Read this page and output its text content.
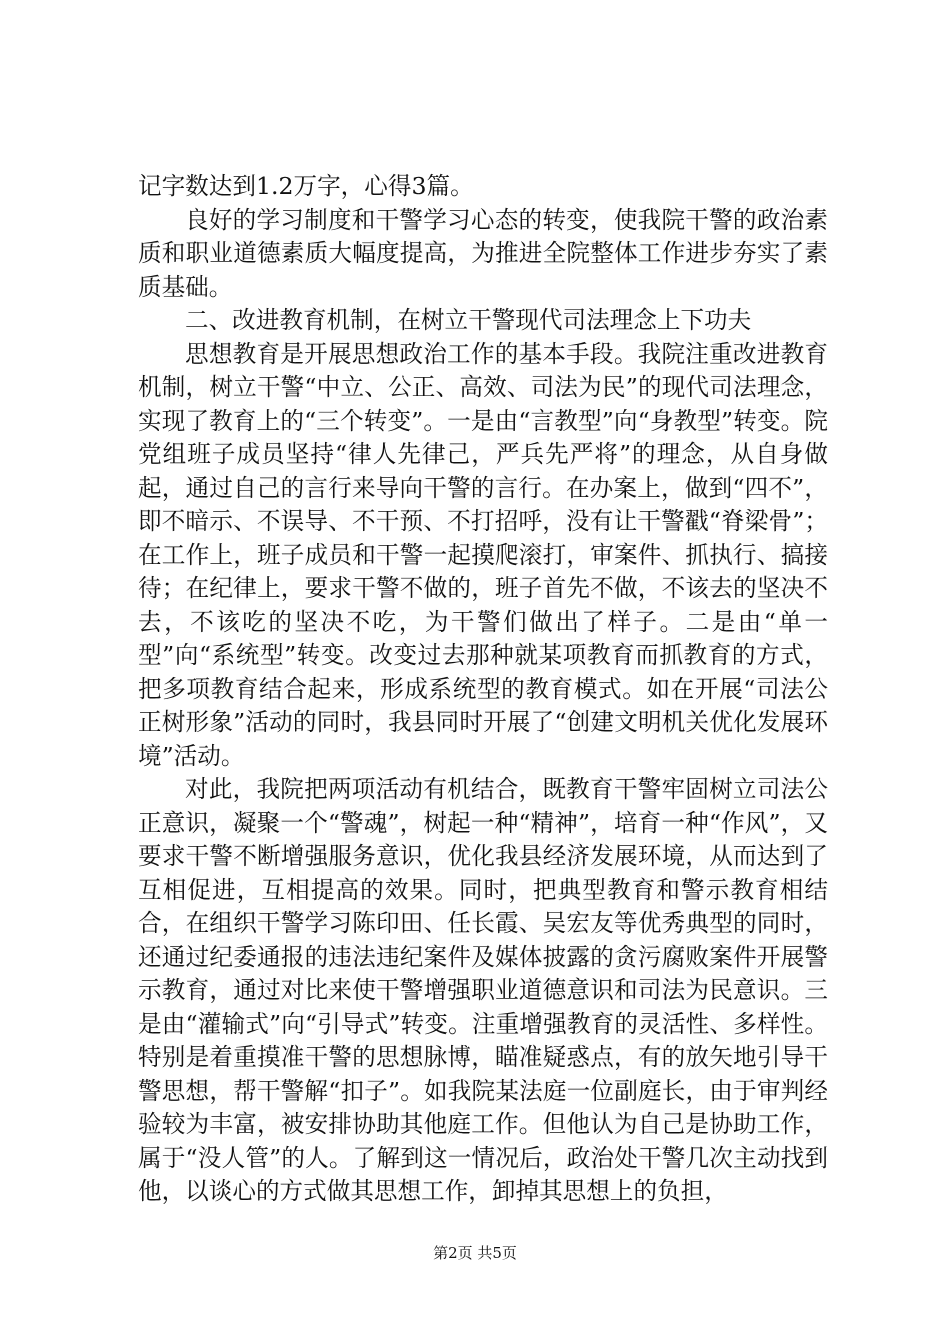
记字数达到1.2万字，心得3篇。

良好的学习制度和干警学习心态的转变，使我院干警的政治素质和职业道德素质大幅度提高，为推进全院整体工作进步夯实了素质基础。

二、改进教育机制，在树立干警现代司法理念上下功夫

思想教育是开展思想政治工作的基本手段。我院注重改进教育机制，树立干警“中立、公正、高效、司法为民”的现代司法理念，实现了教育上的“三个转变”。一是由“言教型”向“身教型”转变。院党组班子成员坚持“律人先律己，严兵先严将”的理念，从自身做起，通过自己的言行来导向干警的言行。在办案上，做到“四不”，即不暗示、不误导、不干预、不打招呼，没有让干警戳“脊梁骨”；在工作上，班子成员和干警一起摸爬滚打，审案件、抓执行、搞接待；在纪律上，要求干警不做的，班子首先不做，不该去的坚决不去，不该吃的坚决不吃，为干警们做出了样子。二是由“单一型”向“系统型”转变。改变过去那种就某项教育而抓教育的方式，把多项教育结合起来，形成系统型的教育模式。如在开展“司法公正树形象”活动的同时，我县同时开展了“创建文明机关优化发展环境”活动。

对此，我院把两项活动有机结合，既教育干警牢固树立司法公正意识，凝聚一个“警魂”，树起一种“精神”，培育一种“作风”，又要求干警不断增强服务意识，优化我县经济发展环境，从而达到了互相促进，互相提高的效果。同时，把典型教育和警示教育相结合，在组织干警学习陈印田、任长霞、吴宏友等优秀典型的同时，还通过纪委通报的违法违纪案件及媒体披露的贪污腐败案件开展警示教育，通过对比来使干警增强职业道德意识和司法为民意识。三是由“灌输式”向“引导式”转变。注重增强教育的灵活性、多样性。特别是着重摸准干警的思想脉博，瞄准疑惑点，有的放矢地引导干警思想，帮干警解“扣子”。如我院某法庭一位副庭长，由于审判经验较为丰富，被安排协助其他庭工作。但他认为自己是协助工作，属于“没人管”的人。了解到这一情况后，政治处干警几次主动找到他，以谈心的方式做其思想工作，卸掉其思想上的负担，

第2页 共5页
